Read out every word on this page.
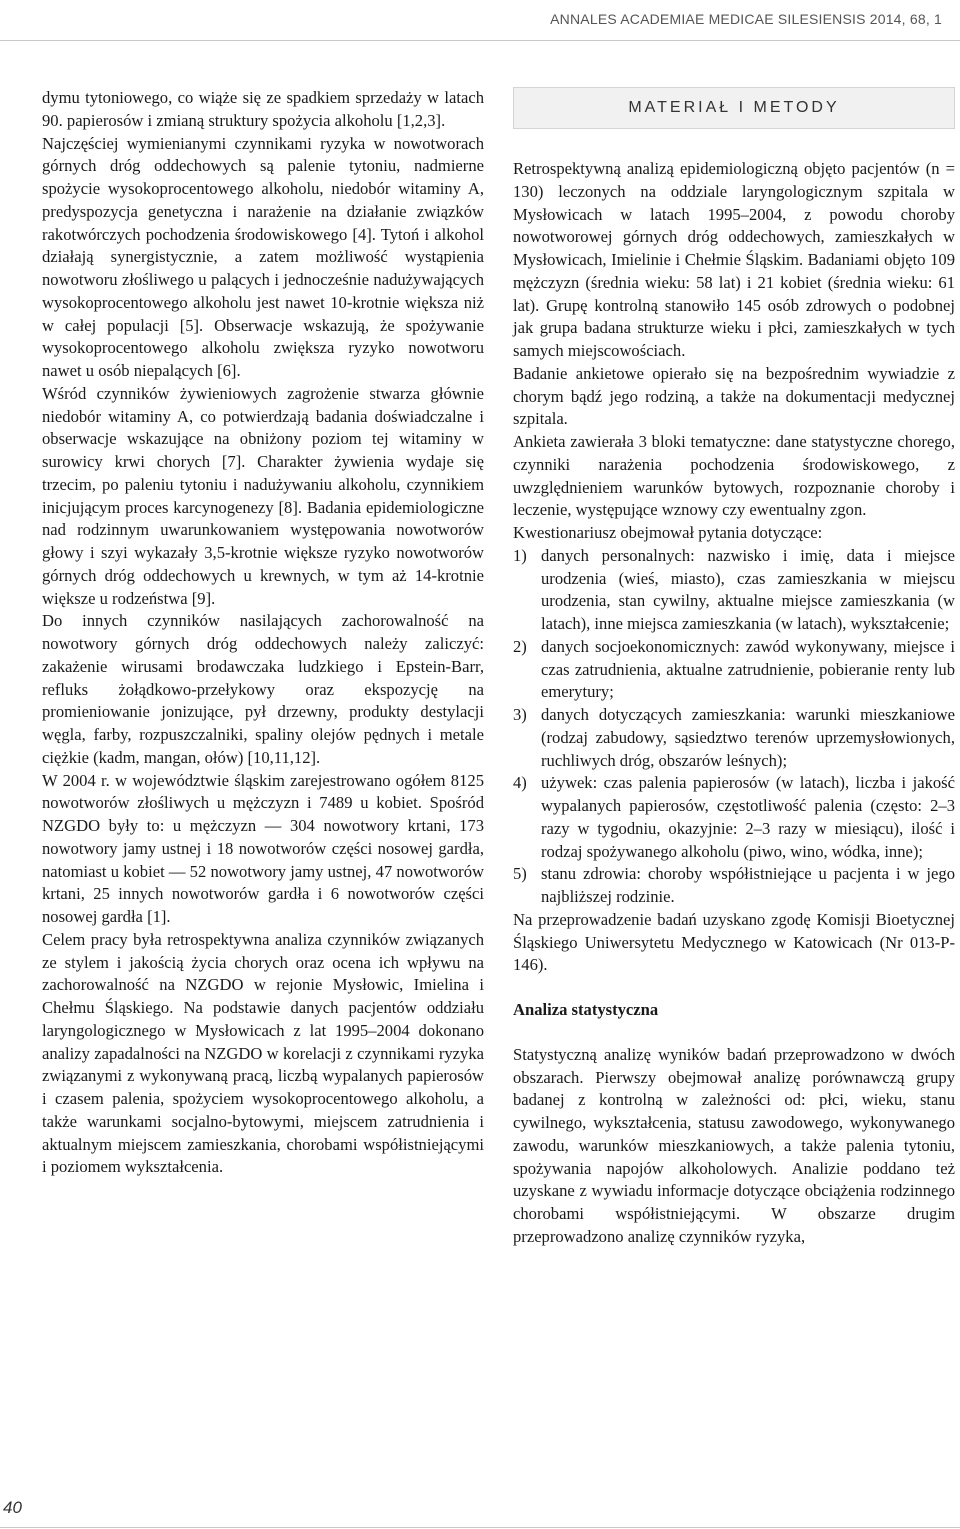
ANNALES ACADEMIAE MEDICAE SILESIENSIS 2014, 68, 1

dymu tytoniowego, co wiąże się ze spadkiem sprzedaży w latach 90. papierosów i zmianą struktury spożycia alkoholu [1,2,3].

Najczęściej wymienianymi czynnikami ryzyka w nowotworach górnych dróg oddechowych są palenie tytoniu, nadmierne spożycie wysokoprocentowego alkoholu, niedobór witaminy A, predyspozycja genetyczna i narażenie na działanie związków rakotwórczych pochodzenia środowiskowego [4]. Tytoń i alkohol działają synergistycznie, a zatem możliwość wystąpienia nowotworu złośliwego u palących i jednocześnie nadużywających wysokoprocentowego alkoholu jest nawet 10-krotnie większa niż w całej populacji [5]. Obserwacje wskazują, że spożywanie wysokoprocentowego alkoholu zwiększa ryzyko nowotworu nawet u osób niepalących [6].

Wśród czynników żywieniowych zagrożenie stwarza głównie niedobór witaminy A, co potwierdzają badania doświadczalne i obserwacje wskazujące na obniżony poziom tej witaminy w surowicy krwi chorych [7]. Charakter żywienia wydaje się trzecim, po paleniu tytoniu i nadużywaniu alkoholu, czynnikiem inicjującym proces karcynogenezy [8]. Badania epidemiologiczne nad rodzinnym uwarunkowaniem występowania nowotworów głowy i szyi wykazały 3,5-krotnie większe ryzyko nowotworów górnych dróg oddechowych u krewnych, w tym aż 14-krotnie większe u rodzeństwa [9].

Do innych czynników nasilających zachorowalność na nowotwory górnych dróg oddechowych należy zaliczyć: zakażenie wirusami brodawczaka ludzkiego i Epstein-Barr, refluks żołądkowo-przełykowy oraz ekspozycję na promieniowanie jonizujące, pył drzewny, produkty destylacji węgla, farby, rozpuszczalniki, spaliny olejów pędnych i metale ciężkie (kadm, mangan, ołów) [10,11,12].

W 2004 r. w województwie śląskim zarejestrowano ogółem 8125 nowotworów złośliwych u mężczyzn i 7489 u kobiet. Spośród NZGDO były to: u mężczyzn — 304 nowotwory krtani, 173 nowotwory jamy ustnej i 18 nowotworów części nosowej gardła, natomiast u kobiet — 52 nowotwory jamy ustnej, 47 nowotworów krtani, 25 innych nowotworów gardła i 6 nowotworów części nosowej gardła [1].

Celem pracy była retrospektywna analiza czynników związanych ze stylem i jakością życia chorych oraz ocena ich wpływu na zachorowalność na NZGDO w rejonie Mysłowic, Imielina i Chełmu Śląskiego. Na podstawie danych pacjentów oddziału laryngologicznego w Mysłowicach z lat 1995–2004 dokonano analizy zapadalności na NZGDO w korelacji z czynnikami ryzyka związanymi z wykonywaną pracą, liczbą wypalanych papierosów i czasem palenia, spożyciem wysokoprocentowego alkoholu, a także warunkami socjalno-bytowymi, miejscem zatrudnienia i aktualnym miejscem zamieszkania, chorobami współistniejącymi i poziomem wykształcenia.

MATERIAŁ I METODY

Retrospektywną analizą epidemiologiczną objęto pacjentów (n = 130) leczonych na oddziale laryngologicznym szpitala w Mysłowicach w latach 1995–2004, z powodu choroby nowotworowej górnych dróg oddechowych, zamieszkałych w Mysłowicach, Imielinie i Chełmie Śląskim. Badaniami objęto 109 mężczyzn (średnia wieku: 58 lat) i 21 kobiet (średnia wieku: 61 lat). Grupę kontrolną stanowiło 145 osób zdrowych o podobnej jak grupa badana strukturze wieku i płci, zamieszkałych w tych samych miejscowościach.

Badanie ankietowe opierało się na bezpośrednim wywiadzie z chorym bądź jego rodziną, a także na dokumentacji medycznej szpitala.

Ankieta zawierała 3 bloki tematyczne: dane statystyczne chorego, czynniki narażenia pochodzenia środowiskowego, z uwzględnieniem warunków bytowych, rozpoznanie choroby i leczenie, występujące wznowy czy ewentualny zgon.

Kwestionariusz obejmował pytania dotyczące:

1) danych personalnych: nazwisko i imię, data i miejsce urodzenia (wieś, miasto), czas zamieszkania w miejscu urodzenia, stan cywilny, aktualne miejsce zamieszkania (w latach), inne miejsca zamieszkania (w latach), wykształcenie;
2) danych socjoekonomicznych: zawód wykonywany, miejsce i czas zatrudnienia, aktualne zatrudnienie, pobieranie renty lub emerytury;
3) danych dotyczących zamieszkania: warunki mieszkaniowe (rodzaj zabudowy, sąsiedztwo terenów uprzemysłowionych, ruchliwych dróg, obszarów leśnych);
4) używek: czas palenia papierosów (w latach), liczba i jakość wypalanych papierosów, częstotliwość palenia (często: 2–3 razy w tygodniu, okazyjnie: 2–3 razy w miesiącu), ilość i rodzaj spożywanego alkoholu (piwo, wino, wódka, inne);
5) stanu zdrowia: choroby współistniejące u pacjenta i w jego najbliższej rodzinie.

Na przeprowadzenie badań uzyskano zgodę Komisji Bioetycznej Śląskiego Uniwersytetu Medycznego w Katowicach (Nr 013-P-146).

Analiza statystyczna

Statystyczną analizę wyników badań przeprowadzono w dwóch obszarach. Pierwszy obejmował analizę porównawczą grupy badanej z kontrolną w zależności od: płci, wieku, stanu cywilnego, wykształcenia, statusu zawodowego, wykonywanego zawodu, warunków mieszkaniowych, a także palenia tytoniu, spożywania napojów alkoholowych. Analizie poddano też uzyskane z wywiadu informacje dotyczące obciążenia rodzinnego chorobami współistniejącymi. W obszarze drugim przeprowadzono analizę czynników ryzyka,

40
